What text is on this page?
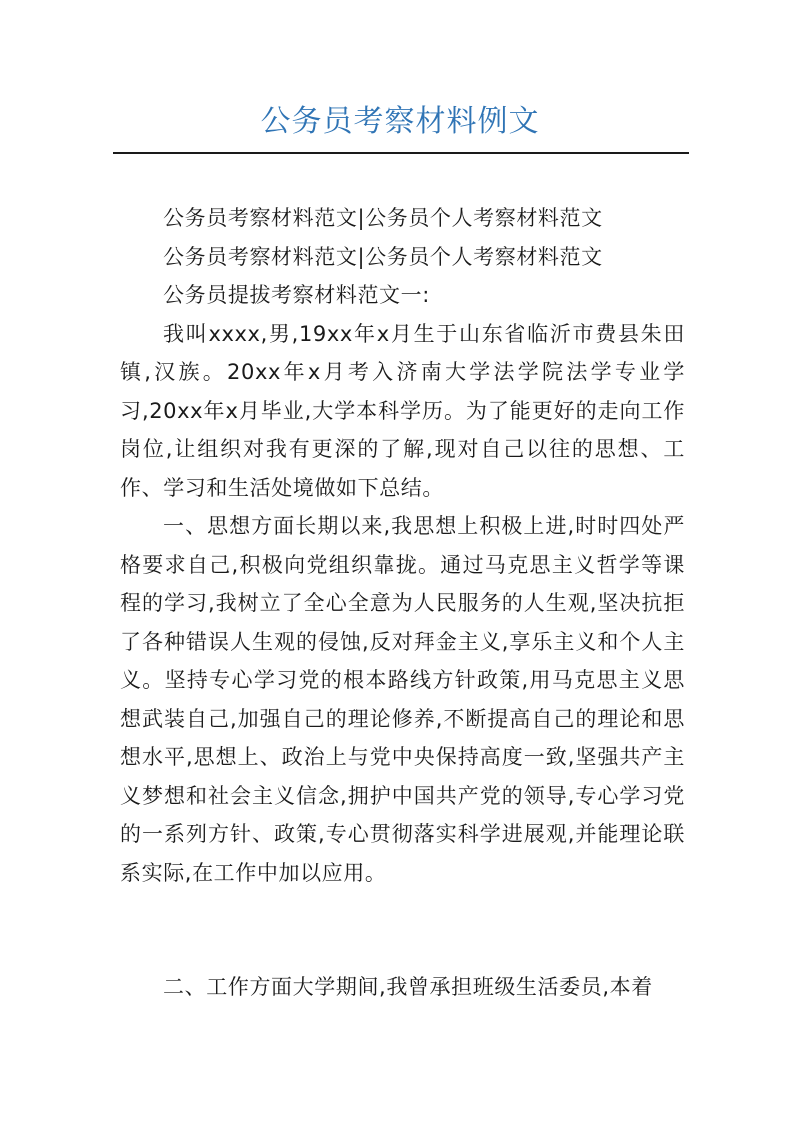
公务员考察材料例文

公务员考察材料范文|公务员个人考察材料范文

公务员考察材料范文|公务员个人考察材料范文

公务员提拔考察材料范文一:

我叫xxxx,男,19xx年x月生于山东省临沂市费县朱田镇,汉族。20xx年x月考入济南大学法学院法学专业学习,20xx年x月毕业,大学本科学历。为了能更好的走向工作岗位,让组织对我有更深的了解,现对自己以往的思想、工作、学习和生活处境做如下总结。

一、思想方面长期以来,我思想上积极上进,时时四处严格要求自己,积极向党组织靠拢。通过马克思主义哲学等课程的学习,我树立了全心全意为人民服务的人生观,坚决抗拒了各种错误人生观的侵蚀,反对拜金主义,享乐主义和个人主义。坚持专心学习党的根本路线方针政策,用马克思主义思想武装自己,加强自己的理论修养,不断提高自己的理论和思想水平,思想上、政治上与党中央保持高度一致,坚强共产主义梦想和社会主义信念,拥护中国共产党的领导,专心学习党的一系列方针、政策,专心贯彻落实科学进展观,并能理论联系实际,在工作中加以应用。

二、工作方面大学期间,我曾承担班级生活委员,本着
